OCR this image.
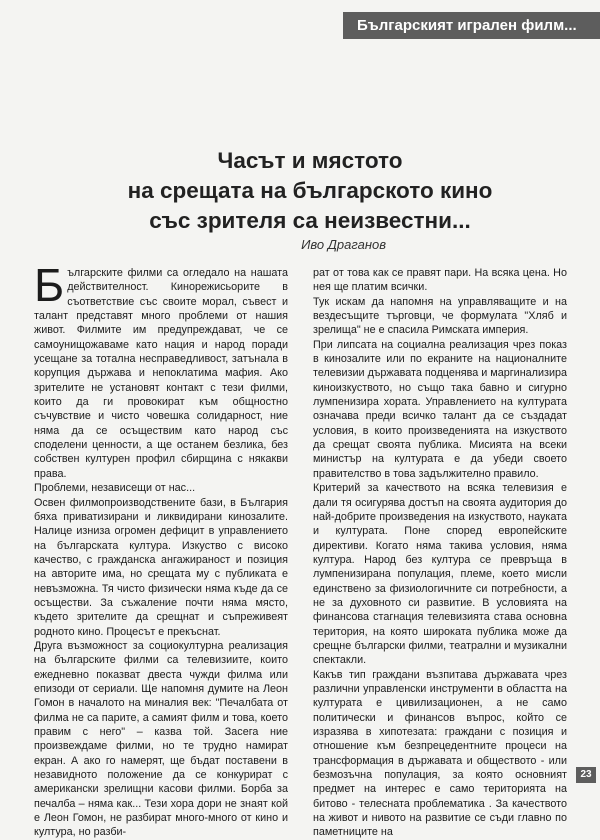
Българският игрален филм...
Часът и мястото
на срещата на българското кино
със зрителя са неизвестни...

Иво Драганов

Б ългарските филми са огледало на нашата действителност. Кинорежисьорите в съответствие със своите морал, съвест и талант представят много проблеми от нашия живот. Филмите им предупреждават, че се самоунищожаваме като нация и народ поради усещане за тотална несправедливост, затънала в корупция държава и непоклатима мафия. Ако зрителите не установят контакт с тези филми, които да ги провокират към общностно съчувствие и чисто човешка солидарност, ние няма да се осъществим като народ със споделени ценности, а ще останем безлика, без собствен културен профил сбирщина с някакви права.

Проблеми, независещи от нас...

Освен филмопроизводствените бази, в България бяха приватизирани и ликвидирани кинозалите. Налице изниза огромен дефицит в управлението на българската култура. Изкуство с високо качество, с гражданска ангажираност и позиция на авторите има, но срещата му с публиката е невъзможна. Тя чисто физически няма къде да се осъществи. За съжаление почти няма място, където зрителите да срещнат и съпреживеят родното кино. Процесът е прекъснат.

Друга възможност за социокултурна реализация на българските филми са телевизиите, които ежедневно показват двеста чужди филма или епизоди от сериали. Ще напомня думите на Леон Гомон в началото на миналия век: "Печалбата от филма не са парите, а самият филм и това, което правим с него" – казва той. Засега ние произвеждаме филми, но те трудно намират екран. А ако го намерят, ще бъдат поставени в незавидното положение да се конкурират с американски зрелищни касови филми. Борба за печалба – няма как... Тези хора дори не знаят кой е Леон Гомон, не разбират много-много от кино и култура, но разби-

рат от това как се правят пари. На всяка цена. Но нея ще платим всички.

Тук искам да напомня на управляващите и на вездесъщите търговци, че формулата "Хляб и зрелища" не е спасила Римската империя.

При липсата на социална реализация чрез показ в кинозалите или по екраните на националните телевизии държавата подценява и маргинализира киноизкуството, но също така бавно и сигурно лумпенизира хората. Управлението на културата означава преди всичко талант да се създадат условия, в които произведенията на изкуството да срещат своята публика. Мисията на всеки министър на културата е да убеди своето правителство в това задължително правило.

Критерий за качеството на всяка телевизия е дали тя осигурява достъп на своята аудитория до най-добрите произведения на изкуството, науката и културата. Поне според европейските директиви. Когато няма такива условия, няма култура. Народ без култура се превръща в лумпенизирана популация, племе, което мисли единствено за физиологичните си потребности, а не за духовното си развитие. В условията на финансова стагнация телевизията става основна територия, на която широката публика може да срещне български филми, театрални и музикални спектакли.

Какъв тип граждани възпитава държавата чрез различни управленски инструменти в областта на културата е цивилизационен, а не само политически и финансов въпрос, който се изразява в хипотезата: граждани с позиция и отношение към безпрецедентните процеси на трансформация в държавата и обществото - или безмозъчна популация, за която основният предмет на интерес е само територията на битово - телесната проблематика . За качеството на живот и нивото на развитие се съди главно по паметниците на

23
